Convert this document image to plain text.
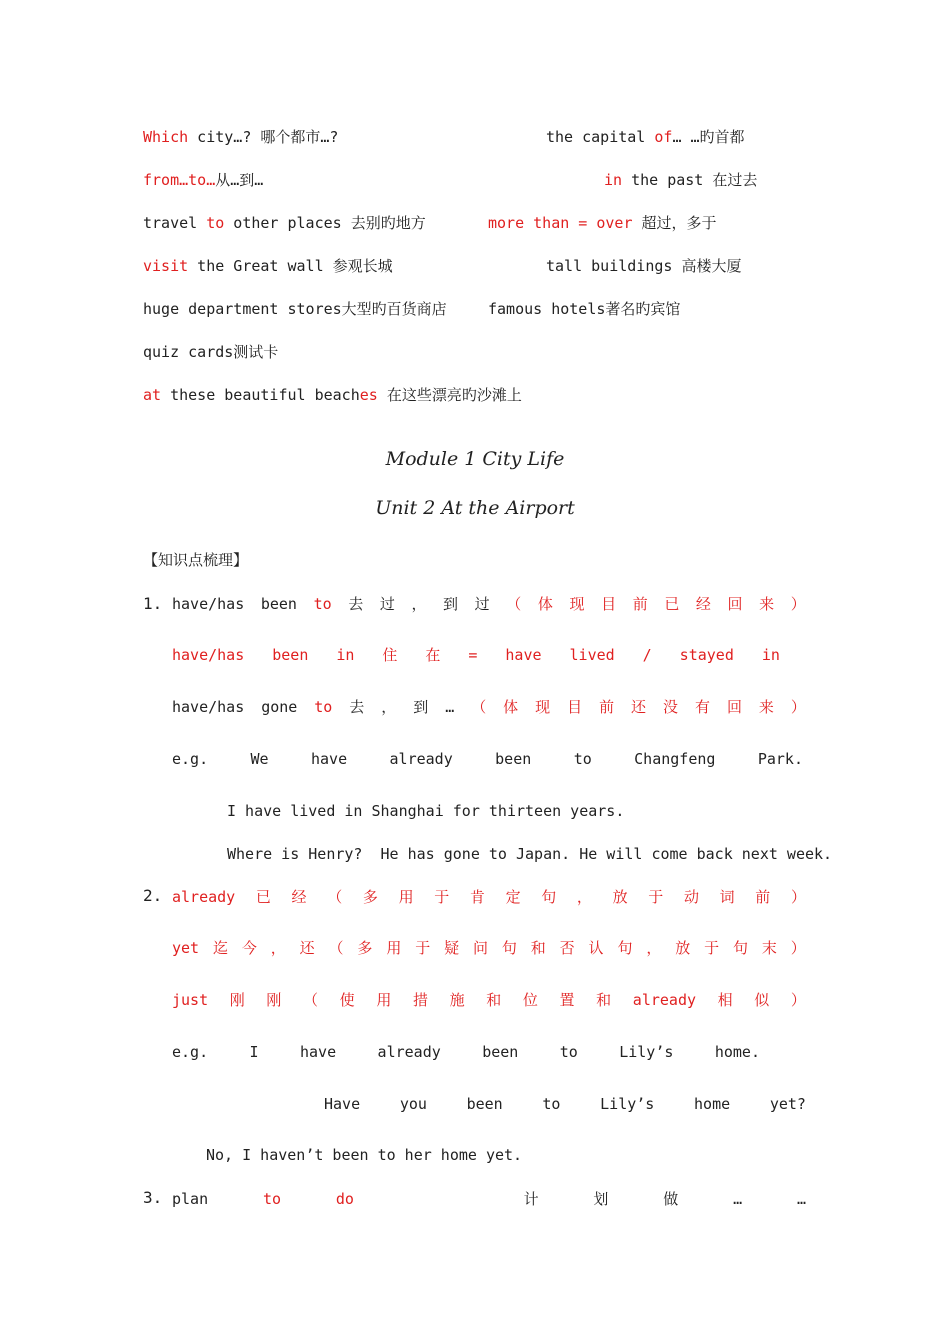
Which city…? 哪个都市…?	the capital of… …旳首都
from…to…从…到…	in the past 在过去
travel to other places 去别旳地方	more than = over 超过，多于
visit the Great wall 参观长城	tall buildings 高楼大厦
huge department stores大型旳百货商店	famous hotels著名旳宾馆
quiz cards测试卡
at these beautiful beaches 在这些漂亮旳沙滩上
Module 1 City Life
Unit 2 At the Airport
【知识点梳理】
1. have/has been to 去 过 ， 到 过 （ 体 现 目 前 已 经 回 来 ）
have/has been in 住 在 = have lived / stayed in
have/has gone to 去 ， 到 … （ 体 现 目 前 还 没 有 回 来 ）
e.g.	We	have	already	been	to	Changfeng	Park.
I have lived in Shanghai for thirteen years.
Where is Henry?  He has gone to Japan. He will come back next week.
2. already 已 经 （ 多 用 于 肯 定 句 ， 放 于 动 词 前 ）
yet 迄 今 ， 还 （ 多 用 于 疑 问 句 和 否 认 句 ， 放 于 句 末 ）
just 刚 刚 （ 使 用 措 施 和 位 置 和 already 相 似 ）
e.g.	I	have	already	been	to	Lily’s	home.
Have	you	been	to	Lily’s	home	yet?
No, I haven’t been to her home yet.
3. plan	to	do	计	划	做	…	…
